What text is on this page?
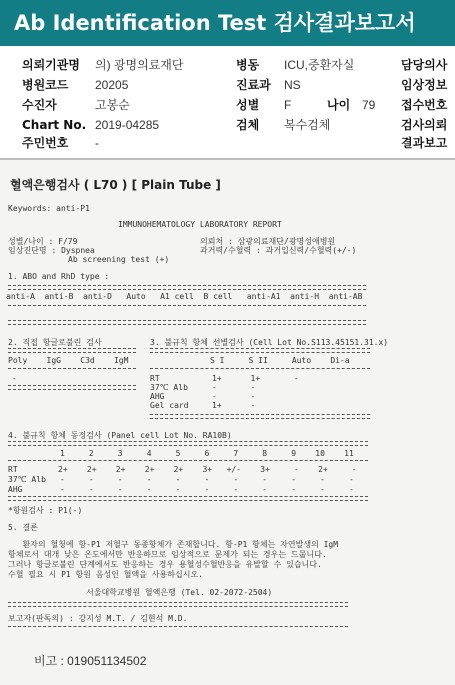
Ab Identification Test 검사결과보고서
의뢰기관명 의) 광명의료재단	병동 ICU,중환자실	담당의사
병원코드 20205	진료과 NS	임상정보
수진자	고봉순	성별 F	나이 79 접수번호
Chart No. 2019-04285	검체 복수검체	검사의뢰
주민번호 -	결과보고
혈액은행검사 ( L70 ) [ Plain Tube ]
Keywords: anti-P1
IMMUNOHEMATOLOGY LABORATORY REPORT
성별/나이 : F/79
임상진단명 : Dyspnea
Ab screening test (+)
의뢰처 : 삼광의료재단/광명성애병원
과거력/수혈력 : 과거입신력/수혈력(+/-)
1. ABO and RhD type :
anti-A  anti-B  anti-D   Auto   A1 cell  B cell   anti-A1  anti-H  anti-AB
2. 직접 항글로불린 검사
Poly    IgG    C3d    IgM
-
3. 불규칙 항체 선별검사 (Cell Lot No.S113.45151.31.x)
S I     S II     Auto    Di-a
RT	1+      1+       -
37℃ Alb	-       -
AHG	-       -
Gel card	1+      -
4. 불규칙 항체 동정검사 (Panel cell Lot No. RA10B)
1     2     3     4     5     6     7     8     9    10    11
RT	2+    2+    2+    2+    2+    3+   +/-    3+     -    2+     -
37℃ Alb -     -     -     -     -     -     -     -     -     -     -
AHG	-     -     -     -     -     -     -     -     -     -     -
*항원검사 : P1(-)
5. 결론
환자의 혈청에 항-P1 저혈구 동종항체가 존재합니다. 항-P1 항체는 자연발생의 IgM
항체로서 대개 낮은 온도에서만 반응하므로 임상적으로 문제가 되는 경우는 드뭅니다.
그러나 항글로불린 단계에서도 반응하는 경우 용혈성수혈반응을 유발할 수 있습니다.
수혈 필요 시 P1 항원 음성인 혈액을 사용하십시오.
서울대학교병원 혈액은행 (Tel. 02-2072-2504)
보고자(판독의) : 강지성 M.T. / 김현석 M.D.
비고 : 019051134502
